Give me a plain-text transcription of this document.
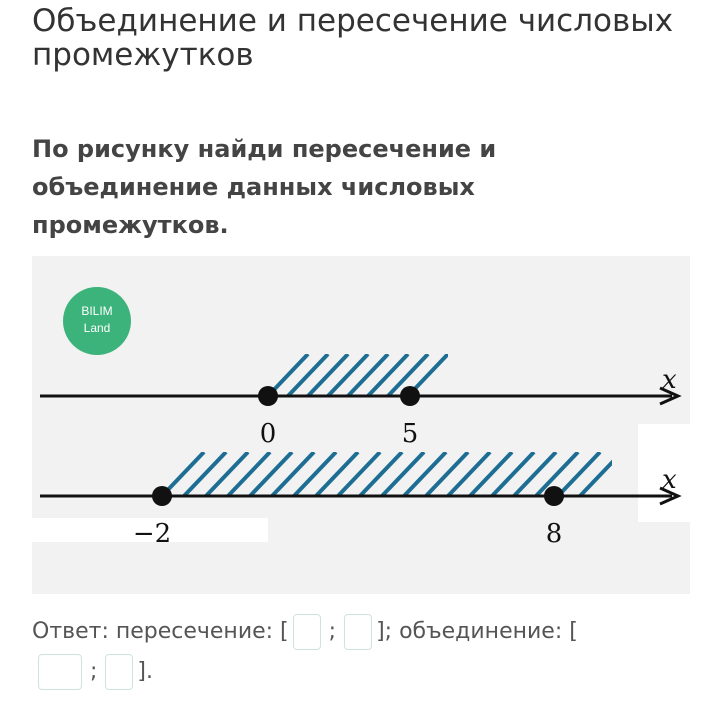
Объединение и пересечение числовых промежутков
По рисунку найди пересечение и объединение данных числовых промежутков.
BILIM
Land
x
0	5
x
−2	8
Ответ: пересечение: [ ; ]; объединение: [
; ].
